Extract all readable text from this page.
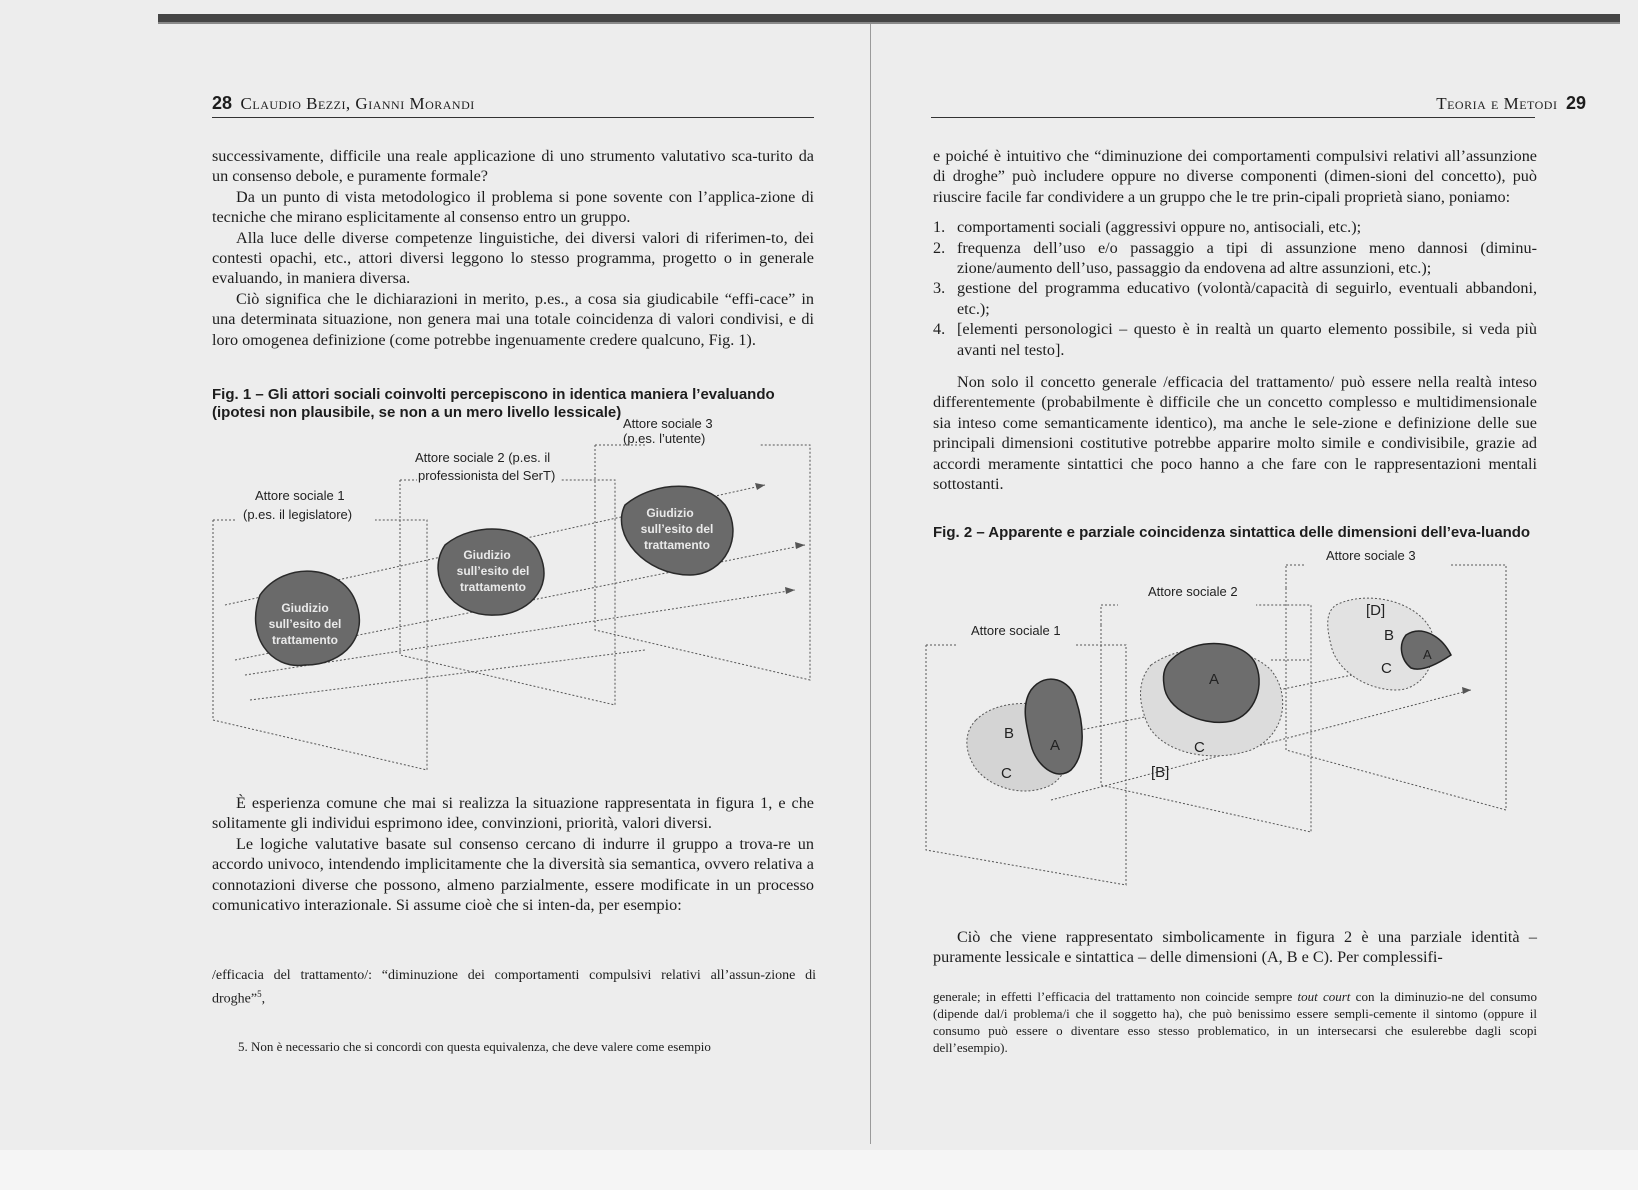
28 Claudio Bezzi, Gianni Morandi

successivamente, difficile una reale applicazione di uno strumento valutativo sca-turito da un consenso debole, e puramente formale?

Da un punto di vista metodologico il problema si pone sovente con l’applica-zione di tecniche che mirano esplicitamente al consenso entro un gruppo.

Alla luce delle diverse competenze linguistiche, dei diversi valori di riferimen-to, dei contesti opachi, etc., attori diversi leggono lo stesso programma, progetto o in generale evaluando, in maniera diversa.

Ciò significa che le dichiarazioni in merito, p.es., a cosa sia giudicabile “effi-cace” in una determinata situazione, non genera mai una totale coincidenza di valori condivisi, e di loro omogenea definizione (come potrebbe ingenuamente credere qualcuno, Fig. 1).

Fig. 1 – Gli attori sociali coinvolti percepiscono in identica maniera l’evaluando (ipotesi non plausibile, se non a un mero livello lessicale)
Attore sociale 1
(p.es. il legislatore)
Attore sociale 2 (p.es. il
professionista del SerT)
Attore sociale 3
(p.es. l’utente)
Giudizio
sull’esito del
trattamento
Giudizio
sull’esito del
trattamento
Giudizio
sull’esito del
trattamento

È esperienza comune che mai si realizza la situazione rappresentata in figura 1, e che solitamente gli individui esprimono idee, convinzioni, priorità, valori diversi.

Le logiche valutative basate sul consenso cercano di indurre il gruppo a trova-re un accordo univoco, intendendo implicitamente che la diversità sia semantica, ovvero relativa a connotazioni diverse che possono, almeno parzialmente, essere modificate in un processo comunicativo interazionale. Si assume cioè che si inten-da, per esempio:

/efficacia del trattamento/: “diminuzione dei comportamenti compulsivi relativi all’assun-zione di droghe”$^5$,
5. Non è necessario che si concordi con questa equivalenza, che deve valere come esempio
Teoria e Metodi 29

e poiché è intuitivo che “diminuzione dei comportamenti compulsivi relativi all’assunzione di droghe” può includere oppure no diverse componenti (dimen-sioni del concetto), può riuscire facile far condividere a un gruppo che le tre prin-cipali proprietà siano, poniamo:

1. comportamenti sociali (aggressivi oppure no, antisociali, etc.);
2. frequenza dell’uso e/o passaggio a tipi di assunzione meno dannosi (diminu-zione/aumento dell’uso, passaggio da endovena ad altre assunzioni, etc.);
3. gestione del programma educativo (volontà/capacità di seguirlo, eventuali abbandoni, etc.);
4. [elementi personologici – questo è in realtà un quarto elemento possibile, si veda più avanti nel testo].

Non solo il concetto generale /efficacia del trattamento/ può essere nella realtà inteso differentemente (probabilmente è difficile che un concetto complesso e multidimensionale sia inteso come semanticamente identico), ma anche le sele-zione e definizione delle sue principali dimensioni costitutive potrebbe apparire molto simile e condivisibile, grazie ad accordi meramente sintattici che poco hanno a che fare con le rappresentazioni mentali sottostanti.

Fig. 2 – Apparente e parziale coincidenza sintattica delle dimensioni dell’eva-luando
Attore sociale 1
Attore sociale 2
Attore sociale 3
B
C
A
A
C
[B]
[D]
B
C
A

Ciò che viene rappresentato simbolicamente in figura 2 è una parziale identità – puramente lessicale e sintattica – delle dimensioni (A, B e C). Per complessifi-

generale; in effetti l’efficacia del trattamento non coincide sempre tout court con la diminuzio-ne del consumo (dipende dal/i problema/i che il soggetto ha), che può benissimo essere sempli-cemente il sintomo (oppure il consumo può essere o diventare esso stesso problematico, in un intersecarsi che esulerebbe dagli scopi dell’esempio).
